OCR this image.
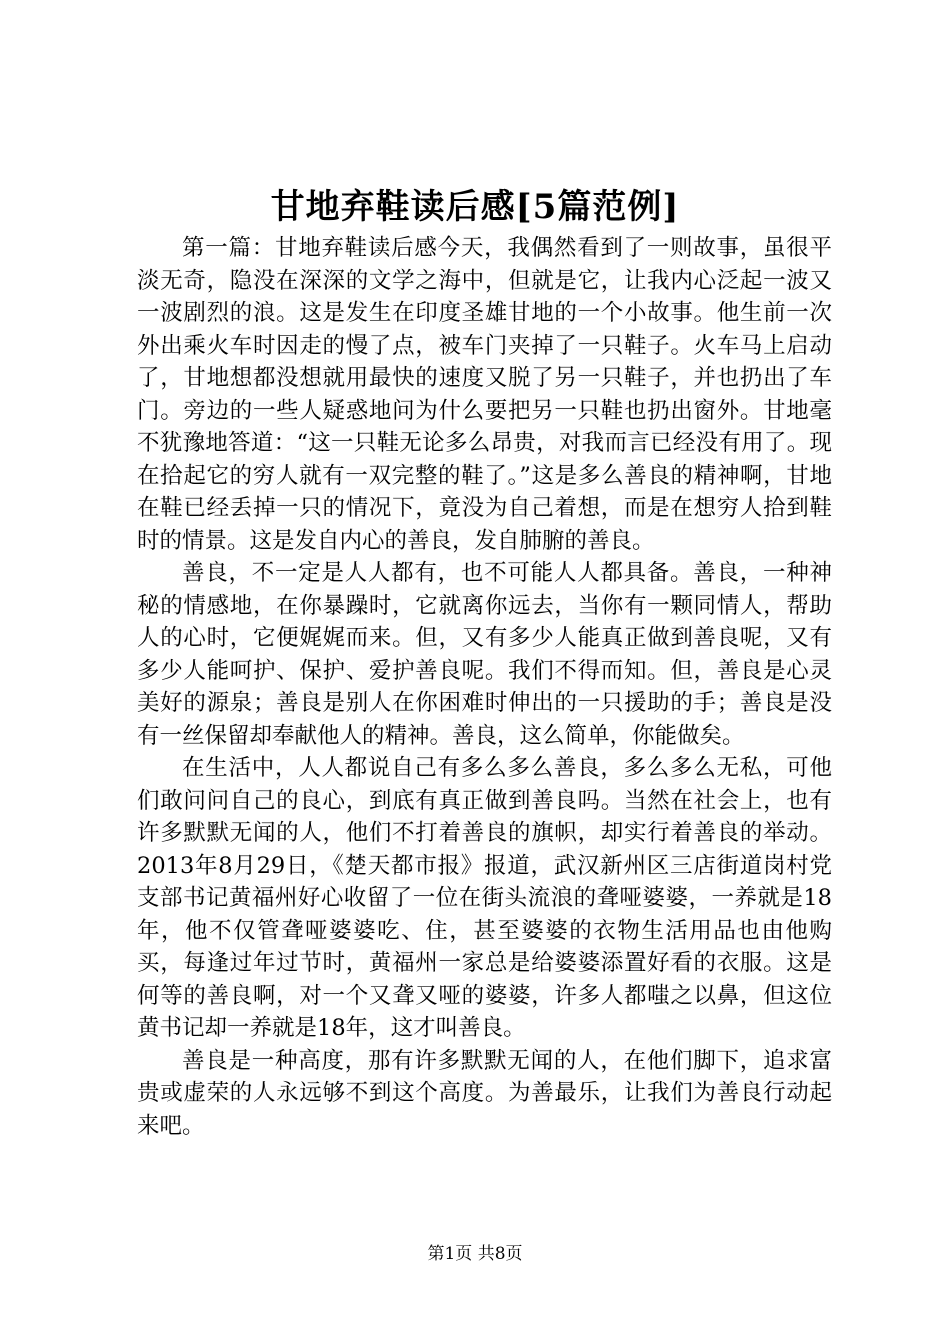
甘地弃鞋读后感[5篇范例]

第一篇：甘地弃鞋读后感今天，我偶然看到了一则故事，虽很平淡无奇，隐没在深深的文学之海中，但就是它，让我内心泛起一波又一波剧烈的浪。这是发生在印度圣雄甘地的一个小故事。他生前一次外出乘火车时因走的慢了点，被车门夹掉了一只鞋子。火车马上启动了，甘地想都没想就用最快的速度又脱了另一只鞋子，并也扔出了车门。旁边的一些人疑惑地问为什么要把另一只鞋也扔出窗外。甘地毫不犹豫地答道：“这一只鞋无论多么昂贵，对我而言已经没有用了。现在拾起它的穷人就有一双完整的鞋了。”这是多么善良的精神啊，甘地在鞋已经丢掉一只的情况下，竟没为自己着想，而是在想穷人拾到鞋时的情景。这是发自内心的善良，发自肺腑的善良。

善良，不一定是人人都有，也不可能人人都具备。善良，一种神秘的情感地，在你暴躁时，它就离你远去，当你有一颗同情人，帮助人的心时，它便娓娓而来。但，又有多少人能真正做到善良呢，又有多少人能呵护、保护、爱护善良呢。我们不得而知。但，善良是心灵美好的源泉；善良是别人在你困难时伸出的一只援助的手；善良是没有一丝保留却奉献他人的精神。善良，这么简单，你能做矣。

在生活中，人人都说自己有多么多么善良，多么多么无私，可他们敢问问自己的良心，到底有真正做到善良吗。当然在社会上，也有许多默默无闻的人，他们不打着善良的旗帜，却实行着善良的举动。2013年8月29日，《楚天都市报》报道，武汉新州区三店街道岗村党支部书记黄福州好心收留了一位在街头流浪的聋哑婆婆，一养就是18年，他不仅管聋哑婆婆吃、住，甚至婆婆的衣物生活用品也由他购买，每逢过年过节时，黄福州一家总是给婆婆添置好看的衣服。这是何等的善良啊，对一个又聋又哑的婆婆，许多人都嗤之以鼻，但这位黄书记却一养就是18年，这才叫善良。

善良是一种高度，那有许多默默无闻的人，在他们脚下，追求富贵或虚荣的人永远够不到这个高度。为善最乐，让我们为善良行动起来吧。

第1页 共8页
